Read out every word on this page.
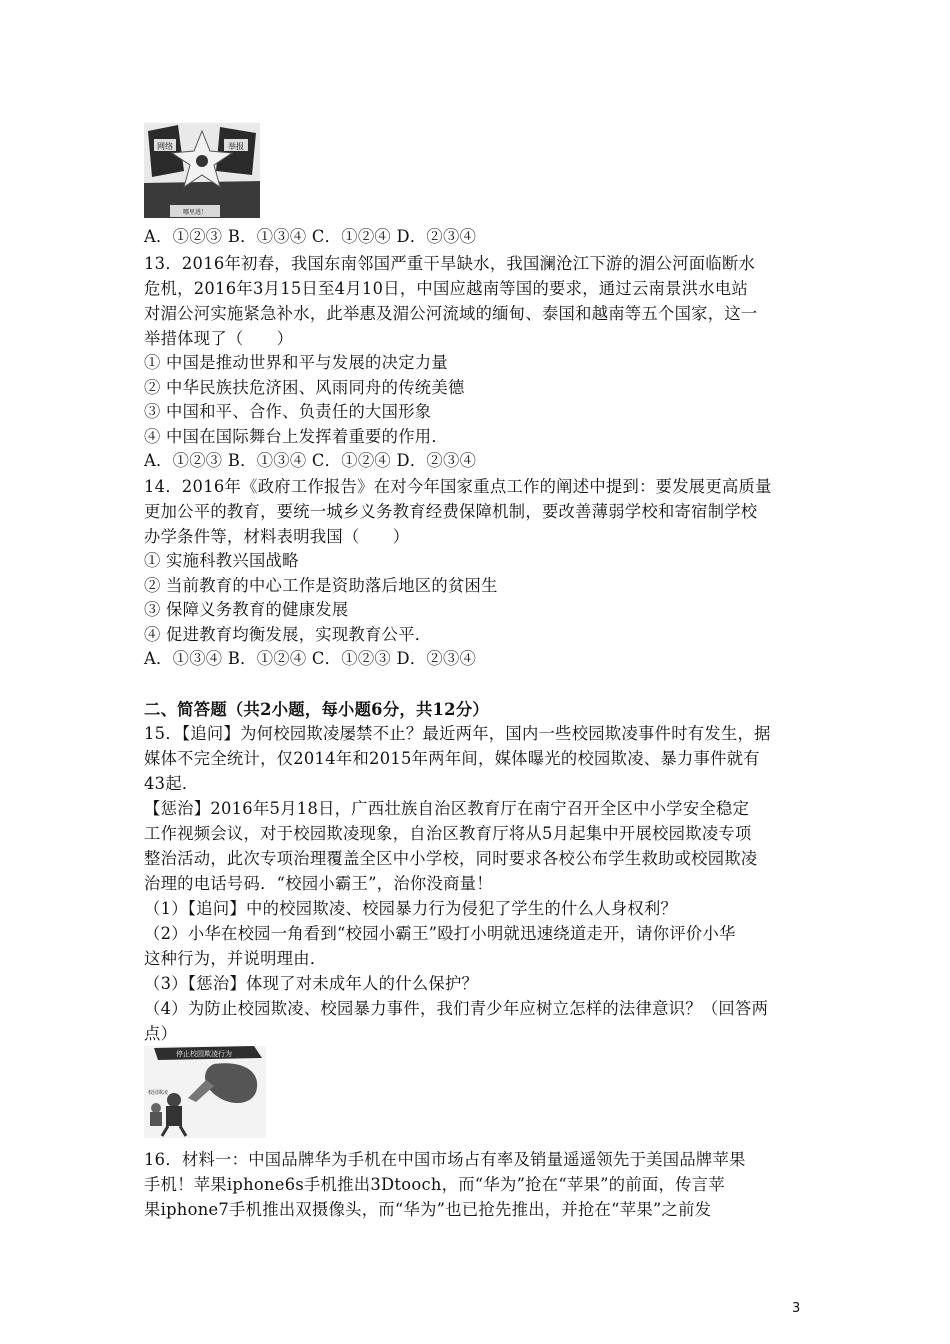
网络	举报
哪里逃！
A．①②③ B．①③④ C．①②④ D．②③④
13．2016年初春，我国东南邻国严重干旱缺水，我国澜沧江下游的湄公河面临断水
危机，2016年3月15日至4月10日，中国应越南等国的要求，通过云南景洪水电站
对湄公河实施紧急补水，此举惠及湄公河流域的缅甸、泰国和越南等五个国家，这一
举措体现了（　　）
① 中国是推动世界和平与发展的决定力量
② 中华民族扶危济困、风雨同舟的传统美德
③ 中国和平、合作、负责任的大国形象
④ 中国在国际舞台上发挥着重要的作用．
A．①②③ B．①③④ C．①②④ D．②③④
14．2016年《政府工作报告》在对今年国家重点工作的阐述中提到：要发展更高质量
更加公平的教育，要统一城乡义务教育经费保障机制，要改善薄弱学校和寄宿制学校
办学条件等，材料表明我国（　　）
① 实施科教兴国战略
② 当前教育的中心工作是资助落后地区的贫困生
③ 保障义务教育的健康发展
④ 促进教育均衡发展，实现教育公平．
A．①③④ B．①②④ C．①②③ D．②③④
二、简答题（共2小题，每小题6分，共12分）
15．【追问】为何校园欺凌屡禁不止？最近两年，国内一些校园欺凌事件时有发生，据
媒体不完全统计，仅2014年和2015年两年间，媒体曝光的校园欺凌、暴力事件就有
43起．
【惩治】2016年5月18日，广西壮族自治区教育厅在南宁召开全区中小学安全稳定
工作视频会议，对于校园欺凌现象，自治区教育厅将从5月起集中开展校园欺凌专项
整治活动，此次专项治理覆盖全区中小学校，同时要求各校公布学生救助或校园欺凌
治理的电话号码．“校园小霸王”，治你没商量！
（1）【追问】中的校园欺凌、校园暴力行为侵犯了学生的什么人身权利？
（2）小华在校园一角看到“校园小霸王”殴打小明就迅速绕道走开，请你评价小华
这种行为，并说明理由．
（3）【惩治】体现了对未成年人的什么保护？
（4）为防止校园欺凌、校园暴力事件，我们青少年应树立怎样的法律意识？（回答两
点）
停止校园欺凌行为
校园欺凌
16．材料一：中国品牌华为手机在中国市场占有率及销量遥遥领先于美国品牌苹果
手机！苹果iphone6s手机推出3Dtooch，而“华为”抢在“苹果”的前面，传言苹
果iphone7手机推出双摄像头，而“华为”也已抢先推出，并抢在“苹果”之前发
3
